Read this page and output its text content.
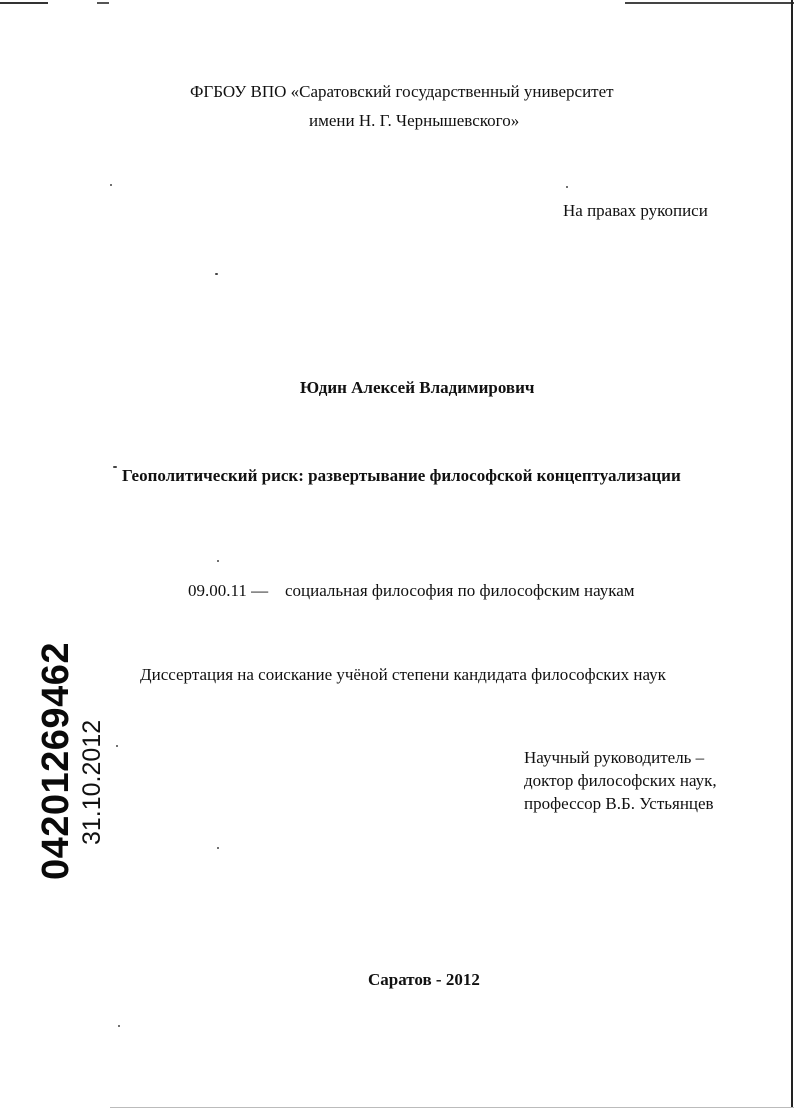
ФГБОУ ВПО «Саратовский государственный университет
имени Н. Г. Чернышевского»
На правах рукописи
Юдин Алексей Владимирович
Геополитический риск: развертывание философской концептуализации
09.00.11 — социальная философия по философским наукам
Диссертация на соискание учёной степени кандидата философских наук
Научный руководитель –
доктор философских наук,
профессор В.Б. Устьянцев
Саратов - 2012
04201269462 31.10.2012
